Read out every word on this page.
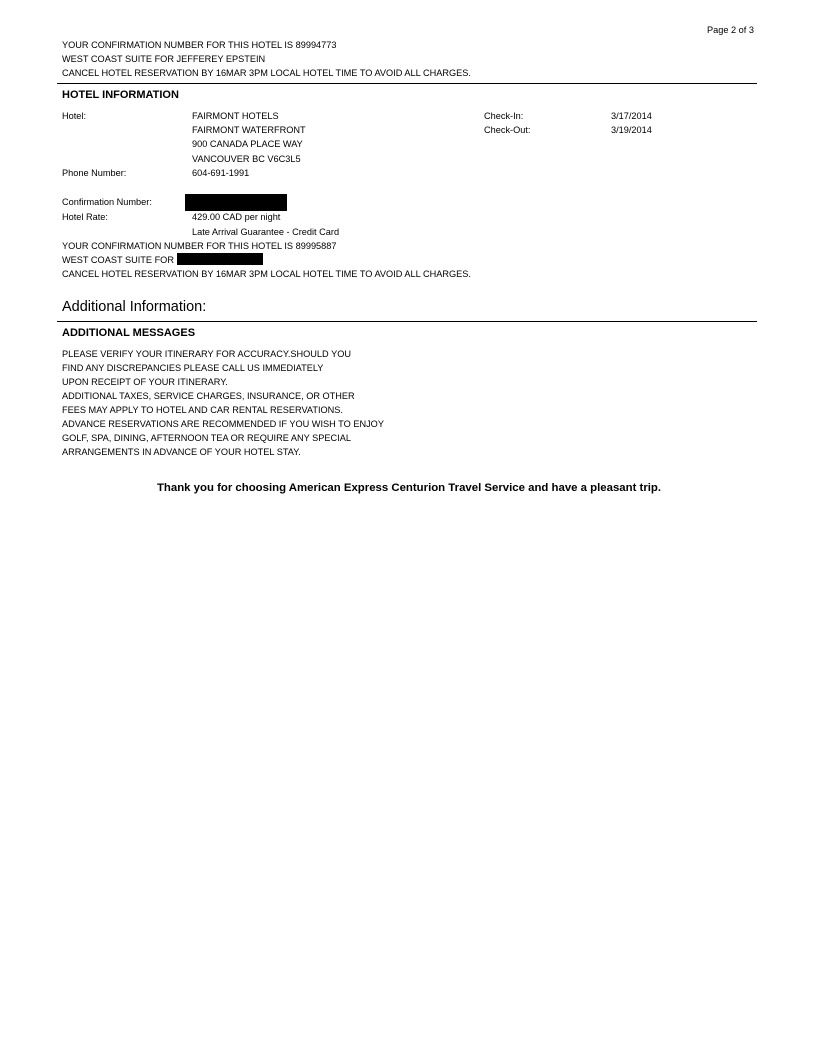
Page 2 of 3
YOUR CONFIRMATION NUMBER FOR THIS HOTEL IS 89994773
WEST COAST SUITE FOR JEFFEREY EPSTEIN
CANCEL HOTEL RESERVATION BY 16MAR 3PM LOCAL HOTEL TIME TO AVOID ALL CHARGES.
HOTEL INFORMATION
Hotel:	FAIRMONT HOTELS
FAIRMONT WATERFRONT
900 CANADA PLACE WAY
VANCOUVER BC V6C3L5
Check-In:	3/17/2014
Check-Out:	3/19/2014
Phone Number:	604-691-1991
Confirmation Number:
Hotel Rate:	429.00 CAD per night
Late Arrival Guarantee - Credit Card
YOUR CONFIRMATION NUMBER FOR THIS HOTEL IS 89995887
WEST COAST SUITE FOR
CANCEL HOTEL RESERVATION BY 16MAR 3PM LOCAL HOTEL TIME TO AVOID ALL CHARGES.
Additional Information:
ADDITIONAL MESSAGES
PLEASE VERIFY YOUR ITINERARY FOR ACCURACY.SHOULD YOU
FIND ANY DISCREPANCIES PLEASE CALL US IMMEDIATELY
UPON RECEIPT OF YOUR ITINERARY.
ADDITIONAL TAXES, SERVICE CHARGES, INSURANCE, OR OTHER
FEES MAY APPLY TO HOTEL AND CAR RENTAL RESERVATIONS.
ADVANCE RESERVATIONS ARE RECOMMENDED IF YOU WISH TO ENJOY
GOLF, SPA, DINING, AFTERNOON TEA OR REQUIRE ANY SPECIAL
ARRANGEMENTS IN ADVANCE OF YOUR HOTEL STAY.
Thank you for choosing American Express Centurion Travel Service and have a pleasant trip.
